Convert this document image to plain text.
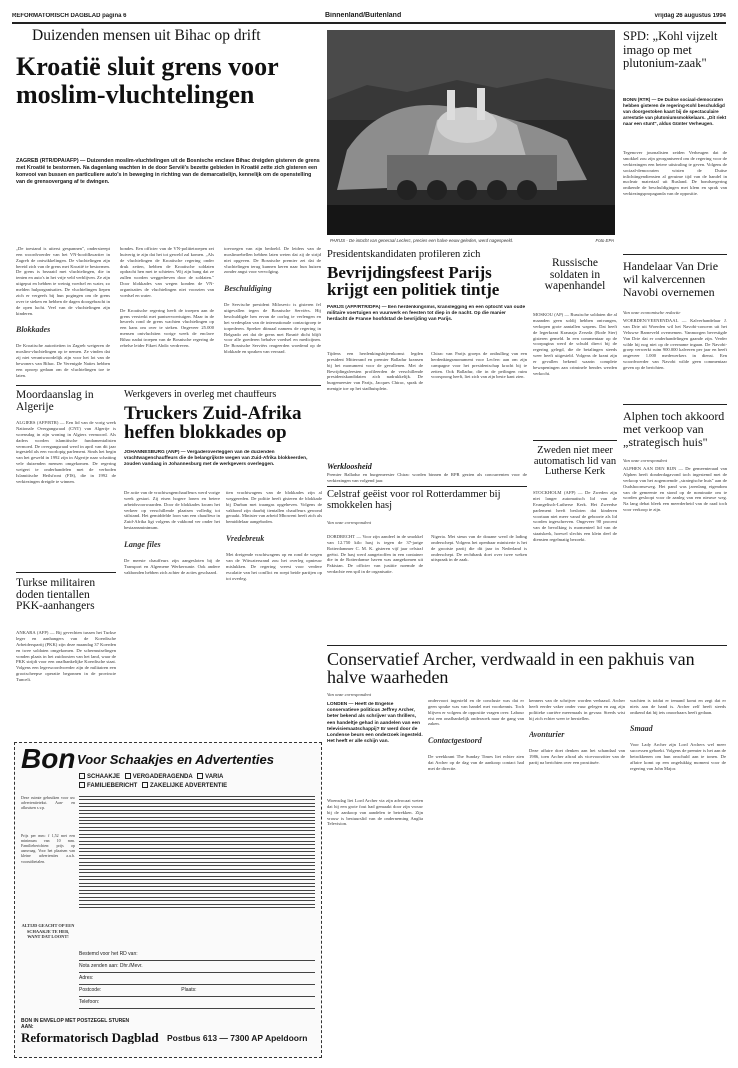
REFORMATORISCH DAGBLAD pagina 6	Binnenland/Buitenland	vrijdag 26 augustus 1994
Duizenden mensen uit Bihac op drift
Kroatië sluit grens voor moslim-vluchtelingen
ZAGREB (RTR/DPA/AFP) — Duizenden moslim-vluchtelingen uit de Bosnische enclave Bihac dreigden gisteren de grens met Kroatië te bestormen. Na dagenlang wachten in de door Servië's bezette gebieden in Kroatië zette zich gisteren een konvooi van bussen en particuliere auto's in beweging in richting van de demarcatielijn, kennelijk om de openstelling van de grensovergang af te dwingen.

„De toestand is uiterst gespannen", onderstreept een woordvoerder van het VN-hoofdkwartier in Zagreb de ontwikkelingen. De vluchtelingen zijn bereid zich van de grens met Kroatië te bestormen. De grens is bezaaid met vluchtelingen, die in tenten en auto's in het vrije veld verblijven. Ze zijn uitgeput en hebben te weinig voedsel en water, zo melden hulporganisaties. De vluchtelingen liepen zich er vergeefs bij hun pogingen om de grens over te steken en hebben de dagen doorgebracht in de open lucht. Veel van de vluchtelingen zijn kinderen.

Blokkades

De Kroatische autoriteiten in Zagreb weigeren de moslim-vluchtelingen op te nemen. Ze vinden dat zij niet verantwoordelijk zijn voor het lot van de bewoners van Bihac. De Verenigde Naties hebben een oproep gedaan om de vluchtelingen toe te laten.

bondes. Een officier van de VN-politietroepen zei huiverig te zijn dat het tot geweld zal komen. „Als de vluchtelingen de Kroatische regering onder druk zetten, hebben de Kroatische soldaten opdracht hen met te schieten. Wij zijn bang dat ze zullen worden weggedreven door de soldaten." Door blokkades van wegen konden de VN-organisaties de vluchtelingen niet voorzien van voedsel en water.

De Kroatische regering heeft de troepen aan de grens versterkt met pantservoertuigen. Maar in de heuvels rond de grens wachten vluchtelingen op een kans om over te steken. Ongeveer 25.000 mensen ontvluchtten vorige week de enclave Bihac nadat troepen van de Bosnische regering de rebelse leider Fikret Abdic verdreven.

toevoegen van zijn bedoeld. De leiders van de moslimrebellen hebben laten weten dat zij de strijd niet opgeven. De Bosnische premier zei dat de vluchtelingen terug kunnen keren naar hun huizen zonder angst voor vervolging.

Beschuldiging

De Servische president Milosevic is gisteren fel uitgevallen tegen de Bosnische Serviërs. Hij beschuldigde hen ervan de oorlog te verlengen en het vredesplan van de internationale contactgroep te torpederen. Spreker ditmaal namens de regering in Belgrado zei dat de grens met Bosnië dicht blijft voor alle goederen behalve voedsel en medicijnen. De Bosnische Serviërs reageerden woedend op de blokkade en spraken van verraad.

PARIJS - De intocht van generaal Leclerc, precies een halve eeuw geleden, werd nagespeeld.	Foto EPA
SPD: „Kohl vijzelt imago op met plutonium-zaak"
BONN (RTR) — De Duitse sociaal-democraten hebben gisteren de regering-Kohl beschuldigd van doorgestoken kaart bij de spectaculaire arrestatie van plutoniumsmokkelaars. „Dit riekt naar een stunt", aldus Günter Verheugen.
Tegenover journalisten zeiden Verheugen dat de smokkel zou zijn georganiseerd om de regering voor de verkiezingen een betere uitstraling te geven. Volgens de sociaal-democraten wisten de Duitse inlichtingendiensten al geruime tijd van de handel in nucleair materiaal uit Rusland. De bondsregering ontkende de beschuldigingen met klem en sprak van verkiezingspropaganda van de oppositie.
Handelaar Van Drie wil kalvercennen Navobi overnemen
Van onze economische redactie
WOERDEN/VEENENDAAL — Kalverhandelaar J. van Drie uit Woerden wil het Navobi-concern uit het Veluwse Barneveld overnemen. Vanmorgen bevestigde Van Drie dat er onderhandelingen gaande zijn. Verder wilde hij nog niet op de overname ingaan. De Navobi-groep verwerkt ruim 900.000 kalveren per jaar en heeft ongeveer 1.000 medewerkers in dienst. Een woordvoerder van Navobi wilde geen commentaar geven op de berichten.
Alphen toch akkoord met verkoop van „strategisch huis"
Van onze correspondent
ALPHEN AAN DEN RIJN — De gemeenteraad van Alphen heeft donderdagavond toch ingestemd met de verkoop van het zogenoemde „strategische huis" aan de Oudshoornseweg. Het pand was jarenlang eigendom van de gemeente en stond op de nominatie om te worden gesloopt voor de aanleg van een nieuwe weg. Na lang debat bleek een meerderheid van de raad toch voor verkoop te zijn.
Moordaanslag in Algerije
ALGIERS (AFP/RTR) — Een lid van de vorig week Nationale Overgangsraad (CNT) van Algerije is woensdag in zijn woning in Algiers vermoord. Als daders worden islamitische fundamentalisten vermoed. De overgangsraad werd in april van dit jaar ingesteld als een voorlopig parlement. Sinds het begin van het geweld in 1992 zijn in Algerije naar schatting vele duizenden mensen omgekomen. De regering weigert te onderhandelen met de verboden Islamitische Heilsfront (FIS), die in 1992 de verkiezingen dreigde te winnen.
Turkse militairen doden tientallen PKK-aanhangers
ANKARA (AFP) — Bij gevechten tussen het Turkse leger en aanhangers van de Koerdische Arbeiderspartij (PKK) zijn deze maandag 37 Koerden en twee soldaten omgekomen. De schermutselingen vonden plaats in het zuidoosten van het land, waar de PKK strijdt voor een onafhankelijke Koerdische staat. Volgens een legerwoordvoerder zijn de militairen een grootscheepse operatie begonnen in de provincie Tunceli.
Werkgevers in overleg met chauffeurs
Truckers Zuid-Afrika heffen blokkades op
JOHANNESBURG (ANP) — Vergaderoverleggen van de duizenden vrachtwagenchauffeurs die de belangrijkste wegen van Zuid-Afrika blokkeerden, zouden vandaag in Johannesburg met de werkgevers overleggen.

De actie van de vrachtwagenchauffeurs werd vorige week gestart. Zij eisen hogere lonen en betere arbeidsvoorwaarden. Door de blokkades kwam het verkeer op verschillende plaatsen volledig tot stilstand. Het gemiddelde loon van een chauffeur in Zuid-Afrika ligt volgens de vakbond ver onder het bestaansminimum.

Lange files

De meeste chauffeurs zijn aangesloten bij de Transport en Algemene Werkersunie. Ook andere vakbonden hebben zich achter de acties geschaard.

tien vrachtwagens van de blokkades zijn al weggereden. De politie heeft gisteren de blokkade bij Durban met traangas opgeheven. Volgens de vakbond zijn daarbij tientallen chauffeurs gewond geraakt. Minister van arbeid Mboweni heeft zich als bemiddelaar aangeboden.

Vredebreuk

Met dreigende vrachtwagens op en rond de wegen van de Witwatersrand zou het overleg opnieuw mislukken. De regering vreest voor verdere escalatie van het conflict en roept beide partijen op tot overleg.

Presidentskandidaten profileren zich
Bevrijdingsfeest Parijs krijgt een politiek tintje
PARIJS (AFP/RTR/DPA) — Een herdenkingsmis, kranslegging en een optocht van oude militaire voertuigen en vuurwerk en feesten tot diep in de nacht. Op die manier herdacht de Franse hoofdstad de bevrijding van Parijs.

Tijdens een herdenkingsbijeenkomst legden president Mitterrand en premier Balladur kransen bij het monument voor de gevallenen. Met de Bevrijdingsfeesten profileerden de verschillende presidentskandidaten zich nadrukkelijk. De burgemeester van Parijs, Jacques Chirac, sprak de menigte toe op het stadhuisplein.

Chirac van Parijs groeps de onthulling van een herdenkingsmonument voor Leclerc aan om zijn campagne voor het presidentschap kracht bij te zetten. Ook Balladur, die in de peilingen ruim voorsprong heeft, liet zich van zijn beste kant zien.

Werkloosheid
Premier Balladur en burgemeester Chirac worden binnen de RPR gezien als concurrenten voor de verkiezingen van volgend jaar.
Russische soldaten in wapenhandel
MOSKOU (AP) — Russische soldaten die al maanden geen soldij hebben ontvangen, verkopen grote aantallen wapens. Dat heeft de legerkrant Krasnaja Zvezda (Rode Ster) gisteren gemeld. In een commentaar op de voorpagina werd de schuld direct bij de regering gelegd, die de betalingen steeds weer heeft uitgesteld. Volgens de krant zijn er gevallen bekend waarin complete bewapeningen aan criminele bendes werden verkocht.
Zweden niet meer automatisch lid van Lutherse Kerk
STOCKHOLM (AFP) — De Zweden zijn niet langer automatisch lid van de Evangelisch-Lutherse Kerk. Het Zweedse parlement heeft besloten dat kinderen voortaan niet meer vanaf de geboorte als lid worden ingeschreven. Ongeveer 90 procent van de bevolking is momenteel lid van de staatskerk, hoewel slechts een klein deel de diensten regelmatig bezoekt.
Celstraf geëist voor rol Rotterdammer bij smokkelen hasj
Van onze correspondent

DORDRECHT — Voor zijn aandeel in de smokkel van 12.750 kilo hasj is tegen de 37-jarige Rotterdammer C. M. K. gisteren vijf jaar celstraf geëist. De hasj werd aangetroffen in een container die in de Rotterdamse haven was aangekomen uit Pakistan. De officier van justitie noemde de verdachte een spil in de organisatie.

Nigeria. Met steun van de douane werd de lading onderschept. Volgens het openbaar ministerie is het de grootste partij die dit jaar in Nederland is onderschept. De rechtbank doet over twee weken uitspraak in de zaak.

Conservatief Archer, verdwaald in een pakhuis van halve waarheden
Van onze correspondent
LONDEN — Heeft de Engelse conservatieve politicus Jeffrey Archer, beter bekend als schrijver van thrillers, een handeltje gehad in aandelen van een televisiemaatschappij? Er werd door de Londense beurs een onderzoek ingesteld. Het heeft er alle schijn van.

Woensdag liet Lord Archer via zijn advocaat weten dat hij een grote fout had gemaakt door zijn vrouw bij de aankoop van aandelen te betrekken. Zijn vrouw is bestuurslid van de onderneming Anglia Television.

ondervoort ingesteld en de conclusie was dat er geen sprake was van handel met voorkennis. Toch blijven er volgens de oppositie vragen over. Labour eist een onafhankelijk onderzoek naar de gang van zaken.

Contactgestoord

De weekkrant The Sunday Times liet echter zien dat Archer op de dag van de aankoop contact had met de directie.

kenners van de schrijver worden verbaasd. Archer heeft eerder vaker onder vuur gelegen en zag zijn politieke carrière meermaals in gevaar. Steeds wist hij zich echter weer te herstellen.

Avonturier

Deze affaire doet denken aan het schandaal van 1986, toen Archer aftrad als vicevoorzitter van de partij na berichten over een prostituée.

wachten is totdat er iemand komt en zegt dat er niets aan de hand is. Archer zelf heeft steeds ontkend dat hij iets onoorbaars heeft gedaan.

Smaad

Voor Lady Archer zijn Lord Archers wel meer successen geboekt. Volgens de premier is het aan de betrokkenen om hun onschuld aan te tonen. De affaire komt op een ongelukkig moment voor de regering van John Major.

Bon Voor Schaakjes en Advertenties
SCHAAKJE VERGADERAGENDA VARIA
FAMILIEBERICHT ZAKELIJKE ADVERTENTIE
Deze ruimte gebruiken voor uw advertentietekst. Aan- en afkruisen s.v.p.
Prijs per mm: f 1,52 met een minimum van 10 mm. Familieberichten: prijs op aanvraag. Voor het plaatsen van kleine advertenties a.u.b. vooruitbetalen.
ALTIJD GEACHT OP EEN SCHAAKJE TE HEB, WANT DAT LOONT!
Bestemd voor het RD van:
Nota zenden aan: Dhr./Mevr.
Adres:
Postcode:	Plaats:
Telefoon:
BON IN ENVELOP MET POSTZEGEL STUREN AAN:
Reformatorisch Dagblad Postbus 613 — 7300 AP Apeldoorn
